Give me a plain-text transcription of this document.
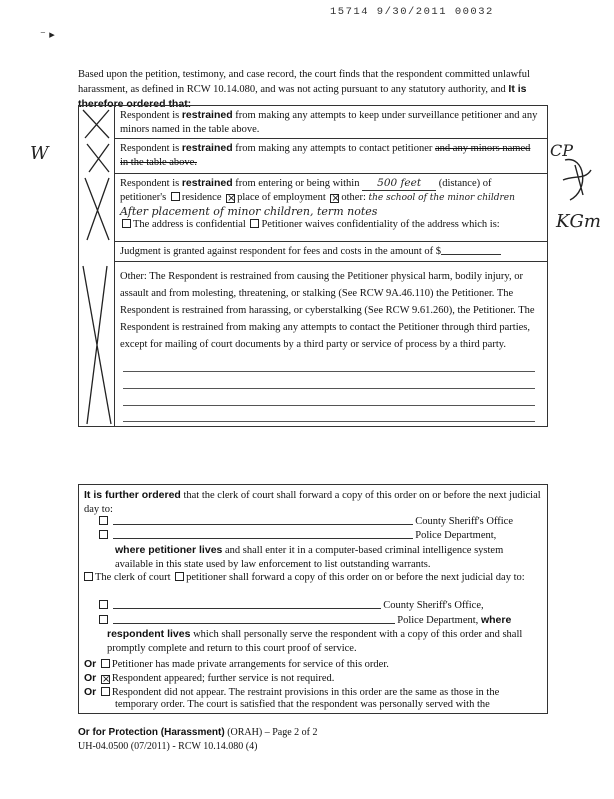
15714 9/30/2011 00032
⁻ ▸
Based upon the petition, testimony, and case record, the court finds that the respondent committed unlawful harassment, as defined in RCW 10.14.080, and was not acting pursuant to any statutory authority, and It is therefore ordered that:
Respondent is restrained from making any attempts to keep under surveillance petitioner and any minors named in the table above.
Respondent is restrained from making any attempts to contact petitioner and any minors named in the table above.
Respondent is restrained from entering or being within 500 feet (distance) of
petitioner's residence × place of employment × other: the school of the minor children
After placement of minor children, term notes
The address is confidential Petitioner waives confidentiality of the address which is:
Judgment is granted against respondent for fees and costs in the amount of $
Other: The Respondent is restrained from causing the Petitioner physical harm, bodily injury, or assault and from molesting, threatening, or stalking (See RCW 9A.46.110) the Petitioner. The Respondent is restrained from harassing, or cyberstalking (See RCW 9.61.260), the Petitioner. The Respondent is restrained from making any attempts to contact the Petitioner through third parties, except for mailing of court documents by a third party or service of process by a third party.
W	CP
KGm
It is further ordered that the clerk of court shall forward a copy of this order on or before the next judicial day to:
County Sheriff's Office
Police Department,
where petitioner lives and shall enter it in a computer-based criminal intelligence system available in this state used by law enforcement to list outstanding warrants.
The clerk of court petitioner shall forward a copy of this order on or before the next judicial day to:
County Sheriff's Office,
Police Department, where
respondent lives which shall personally serve the respondent with a copy of this order and shall promptly complete and return to this court proof of service.
Or Petitioner has made private arrangements for service of this order.
Or × Respondent appeared; further service is not required.
Or Respondent did not appear. The restraint provisions in this order are the same as those in the
temporary order. The court is satisfied that the respondent was personally served with the
Or for Protection (Harassment) (ORAH) – Page 2 of 2
UH-04.0500 (07/2011) - RCW 10.14.080 (4)
